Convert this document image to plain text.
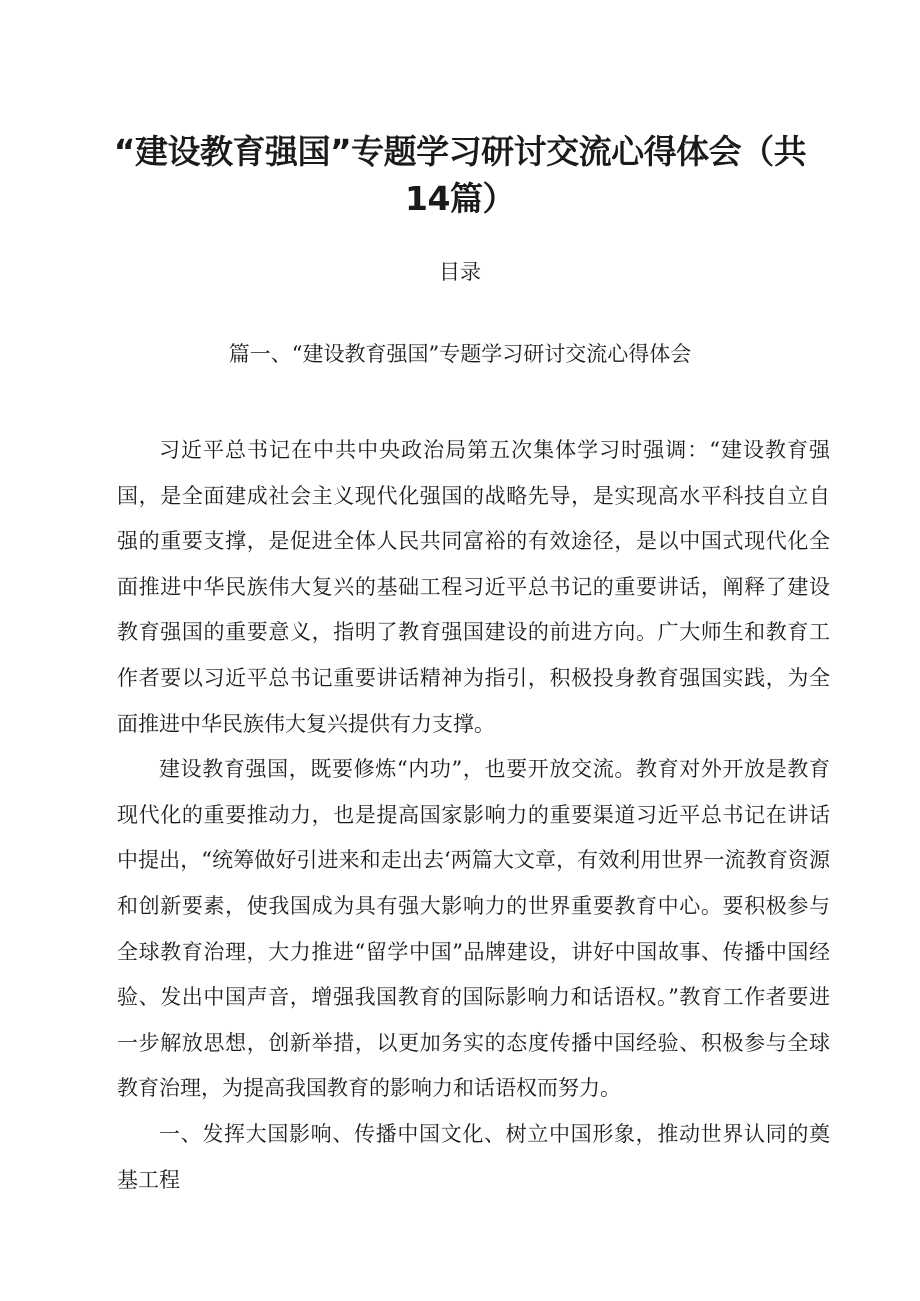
“建设教育强国”专题学习研讨交流心得体会（共14篇）
目录
篇一、“建设教育强国”专题学习研讨交流心得体会

习近平总书记在中共中央政治局第五次集体学习时强调：“建设教育强国，是全面建成社会主义现代化强国的战略先导，是实现高水平科技自立自强的重要支撑，是促进全体人民共同富裕的有效途径，是以中国式现代化全面推进中华民族伟大复兴的基础工程习近平总书记的重要讲话，阐释了建设教育强国的重要意义，指明了教育强国建设的前进方向。广大师生和教育工作者要以习近平总书记重要讲话精神为指引，积极投身教育强国实践，为全面推进中华民族伟大复兴提供有力支撑。

建设教育强国，既要修炼“内功”，也要开放交流。教育对外开放是教育现代化的重要推动力，也是提高国家影响力的重要渠道习近平总书记在讲话中提出，“统筹做好引进来和走出去‘两篇大文章，有效利用世界一流教育资源和创新要素，使我国成为具有强大影响力的世界重要教育中心。要积极参与全球教育治理，大力推进“留学中国”品牌建设，讲好中国故事、传播中国经验、发出中国声音，增强我国教育的国际影响力和话语权。”教育工作者要进一步解放思想，创新举措，以更加务实的态度传播中国经验、积极参与全球教育治理，为提高我国教育的影响力和话语权而努力。

一、发挥大国影响、传播中国文化、树立中国形象，推动世界认同的奠基工程
